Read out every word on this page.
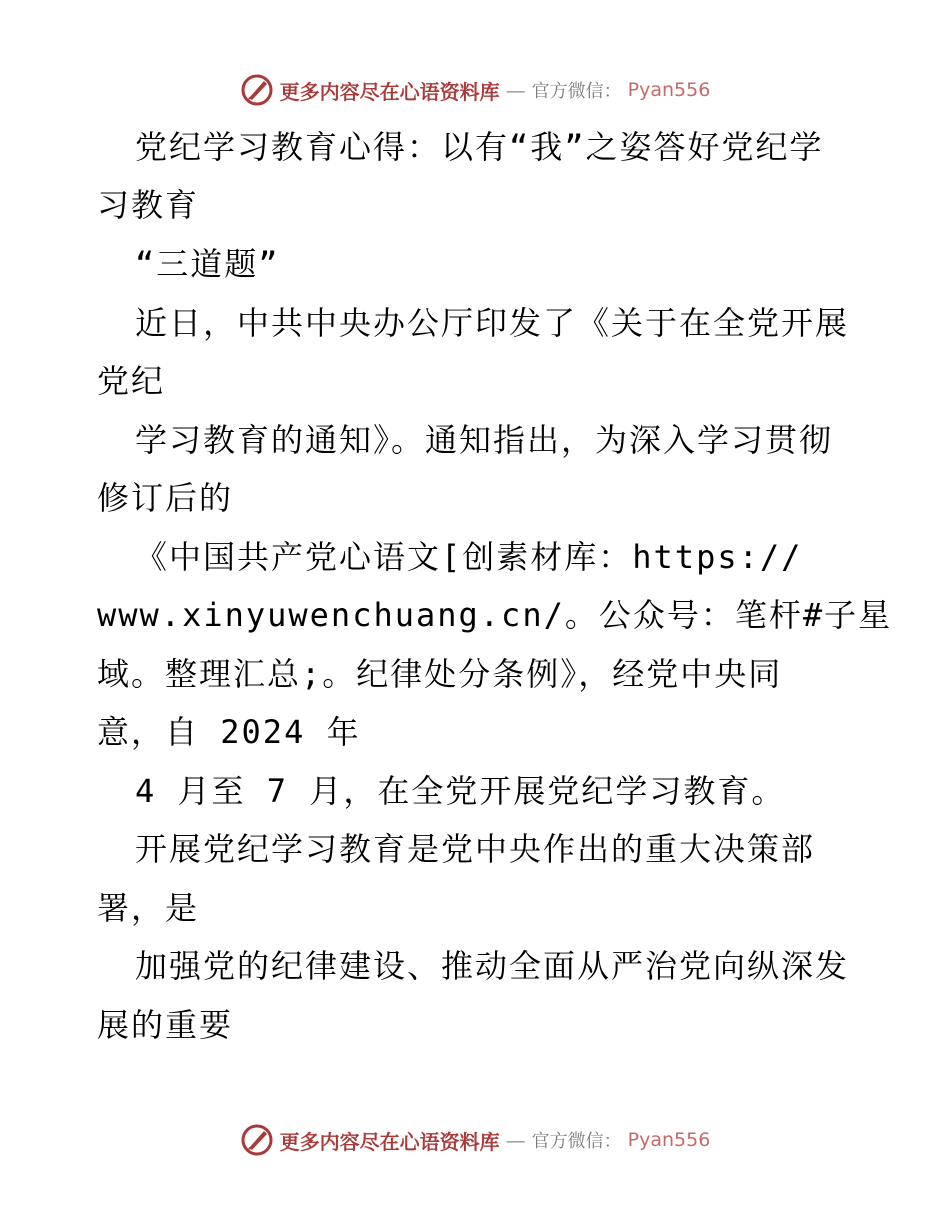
更多内容尽在心语资料库 — 官方微信： Pyan556
党纪学习教育心得：以有“我”之姿答好党纪学
习教育
“三道题”
近日，中共中央办公厅印发了《关于在全党开展
党纪
学习教育的通知》。通知指出，为深入学习贯彻
修订后的
《中国共产党心语文[创素材库：https://
www.xinyuwenchuang.cn/。公众号：笔杆#子星
域。整理汇总;。纪律处分条例》，经党中央同
意，自 2024 年
4 月至 7 月，在全党开展党纪学习教育。
开展党纪学习教育是党中央作出的重大决策部
署，是
加强党的纪律建设、推动全面从严治党向纵深发
展的重要
更多内容尽在心语资料库 — 官方微信： Pyan556
